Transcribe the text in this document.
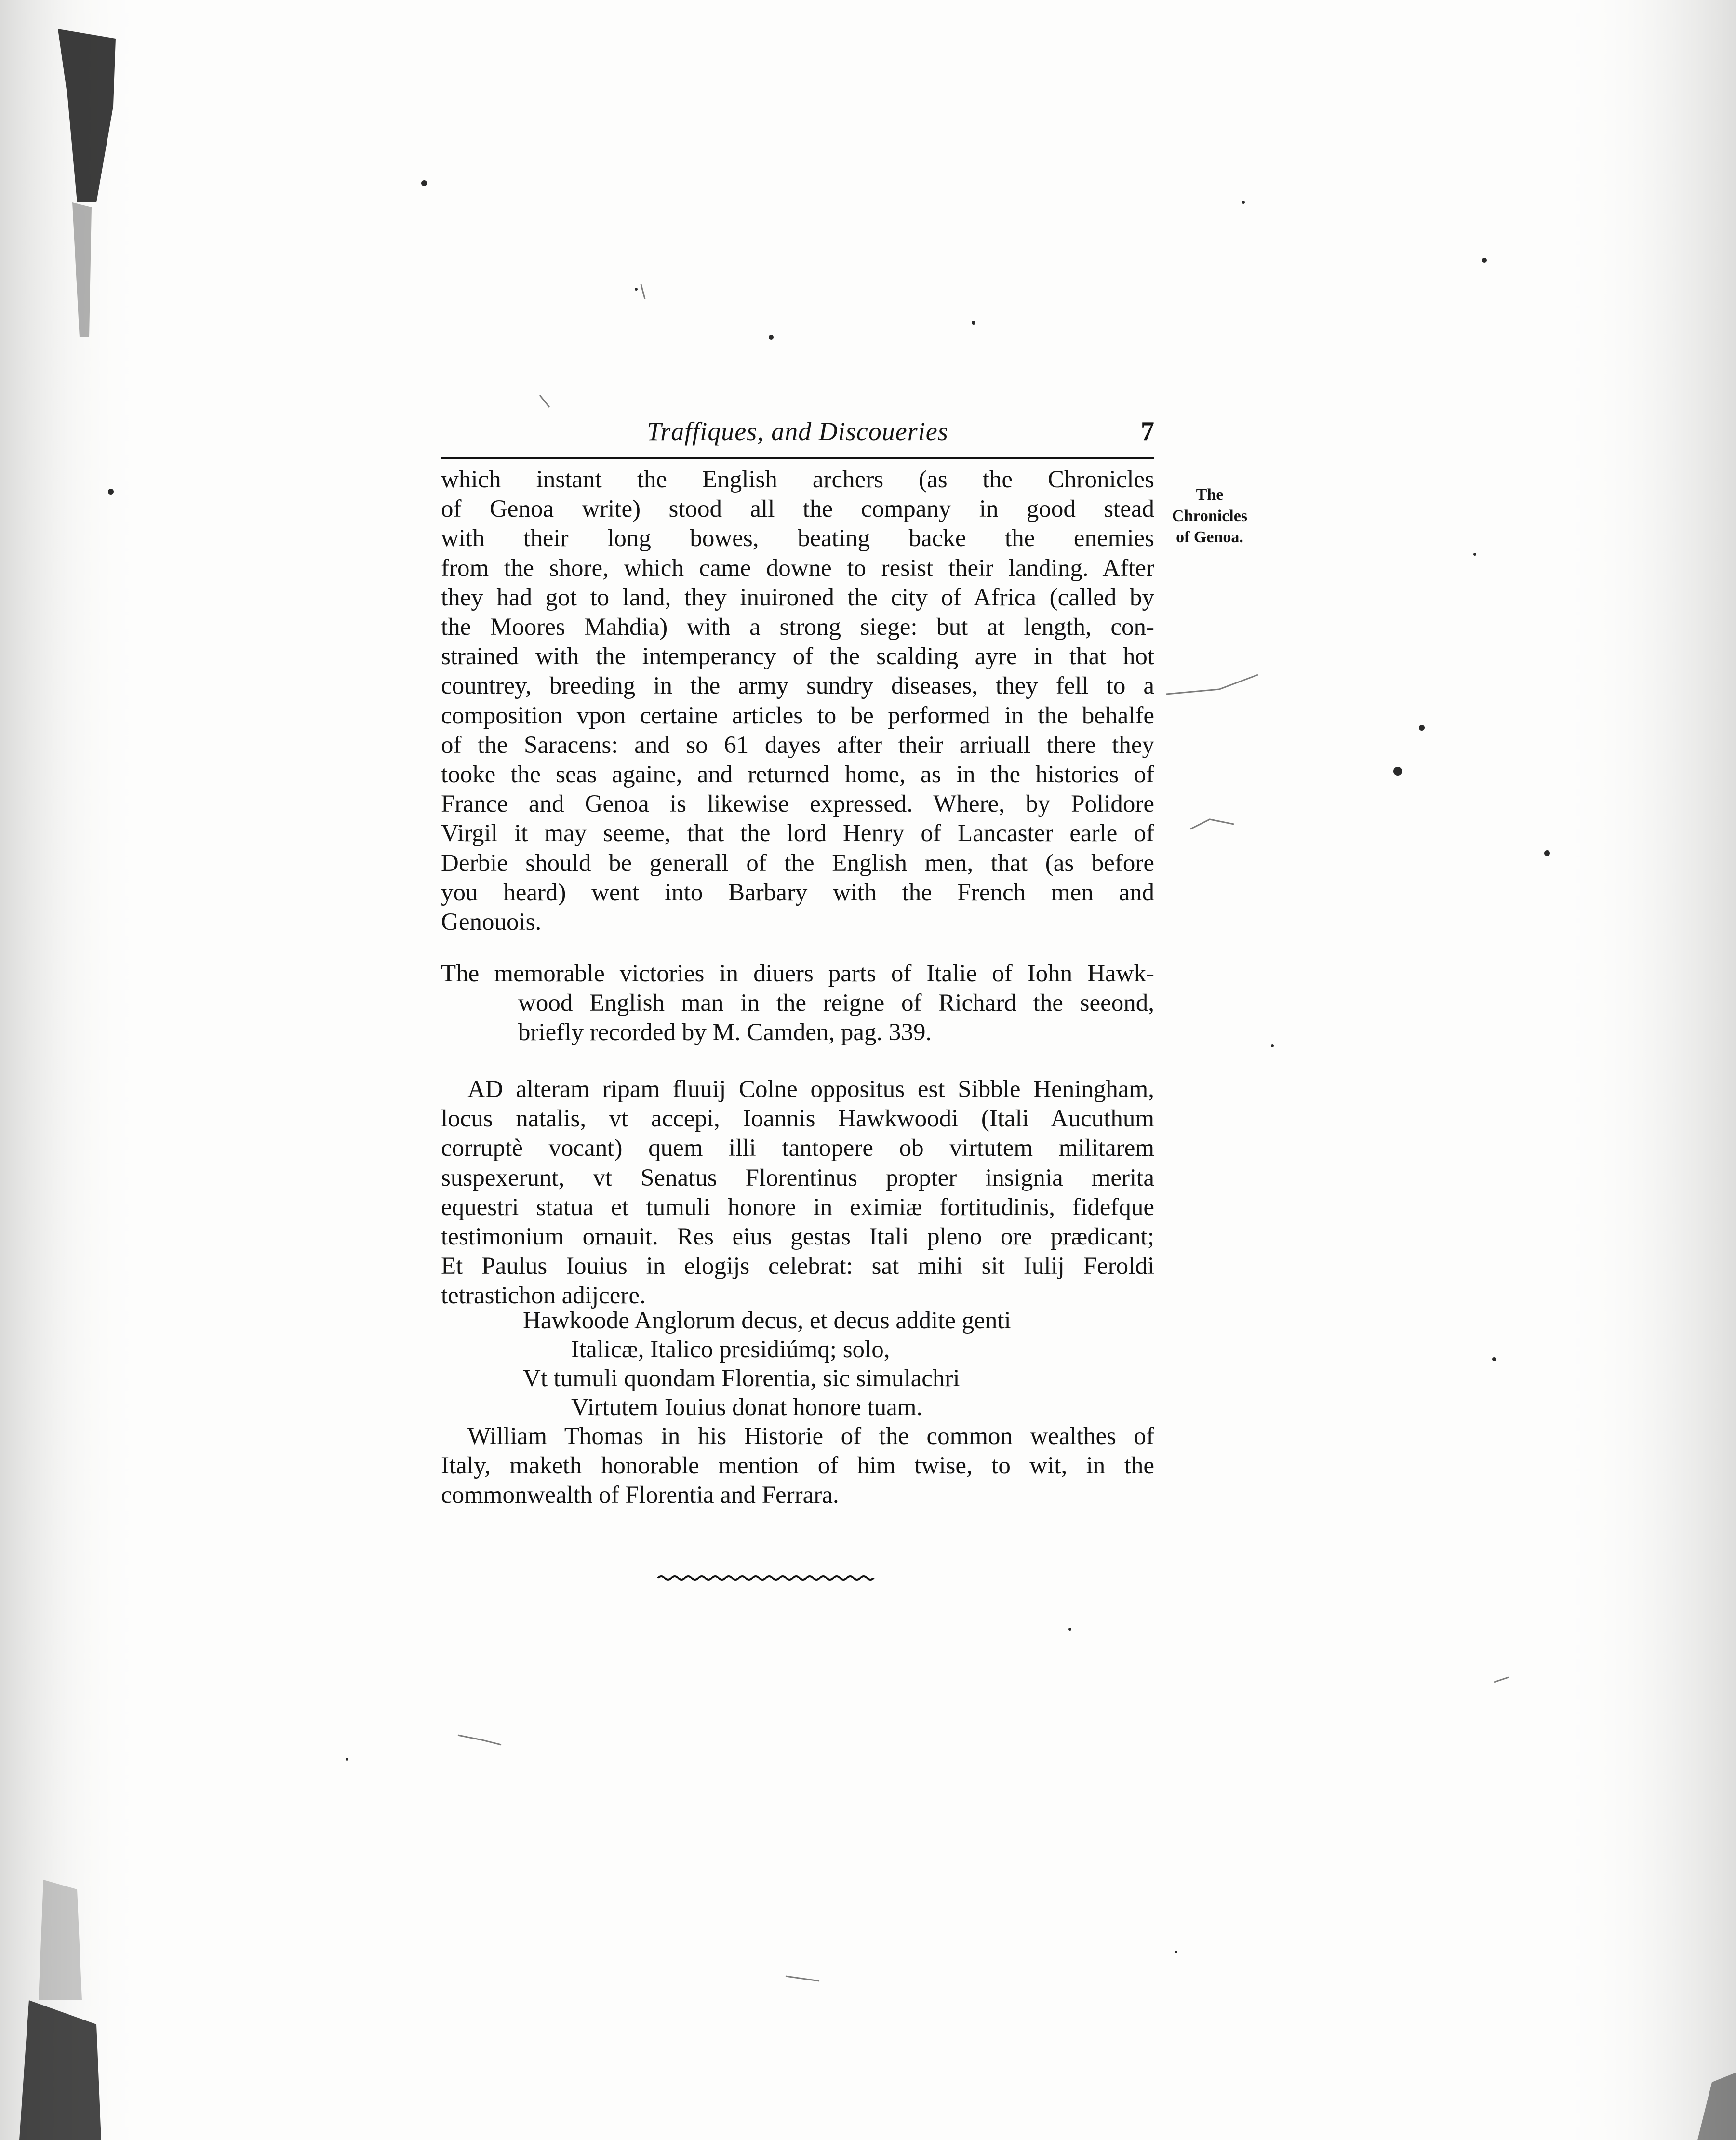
Traffiques, and Discoueries	7
The
Chronicles
of Genoa.

which instant the English archers (as the Chronicles
of Genoa write) stood all the company in good stead
with their long bowes, beating backe the enemies
from the shore, which came downe to resist their landing. After
they had got to land, they inuironed the city of Africa (called by
the Moores Mahdia) with a strong siege: but at length, con-
strained with the intemperancy of the scalding ayre in that hot
countrey, breeding in the army sundry diseases, they fell to a
composition vpon certaine articles to be performed in the behalfe
of the Saracens: and so 61 dayes after their arriuall there they
tooke the seas againe, and returned home, as in the histories of
France and Genoa is likewise expressed. Where, by Polidore
Virgil it may seeme, that the lord Henry of Lancaster earle of
Derbie should be generall of the English men, that (as before
you heard) went into Barbary with the French men and
Genouois.

The memorable victories in diuers parts of Italie of Iohn Hawk-
wood English man in the reigne of Richard the seeond,
briefly recorded by M. Camden, pag. 339.

AD alteram ripam fluuij Colne oppositus est Sibble Heningham,
locus natalis, vt accepi, Ioannis Hawkwoodi (Itali Aucuthum
corruptè vocant) quem illi tantopere ob virtutem militarem
suspexerunt, vt Senatus Florentinus propter insignia merita
equestri statua et tumuli honore in eximiæ fortitudinis, fidefque
testimonium ornauit. Res eius gestas Itali pleno ore prædicant;
Et Paulus Iouius in elogijs celebrat: sat mihi sit Iulij Feroldi
tetrastichon adijcere.

Hawkoode Anglorum decus, et decus addite genti
Italicæ, Italico presidiúmq; solo,
Vt tumuli quondam Florentia, sic simulachri
Virtutem Iouius donat honore tuam.

William Thomas in his Historie of the common wealthes of
Italy, maketh honorable mention of him twise, to wit, in the
commonwealth of Florentia and Ferrara.
